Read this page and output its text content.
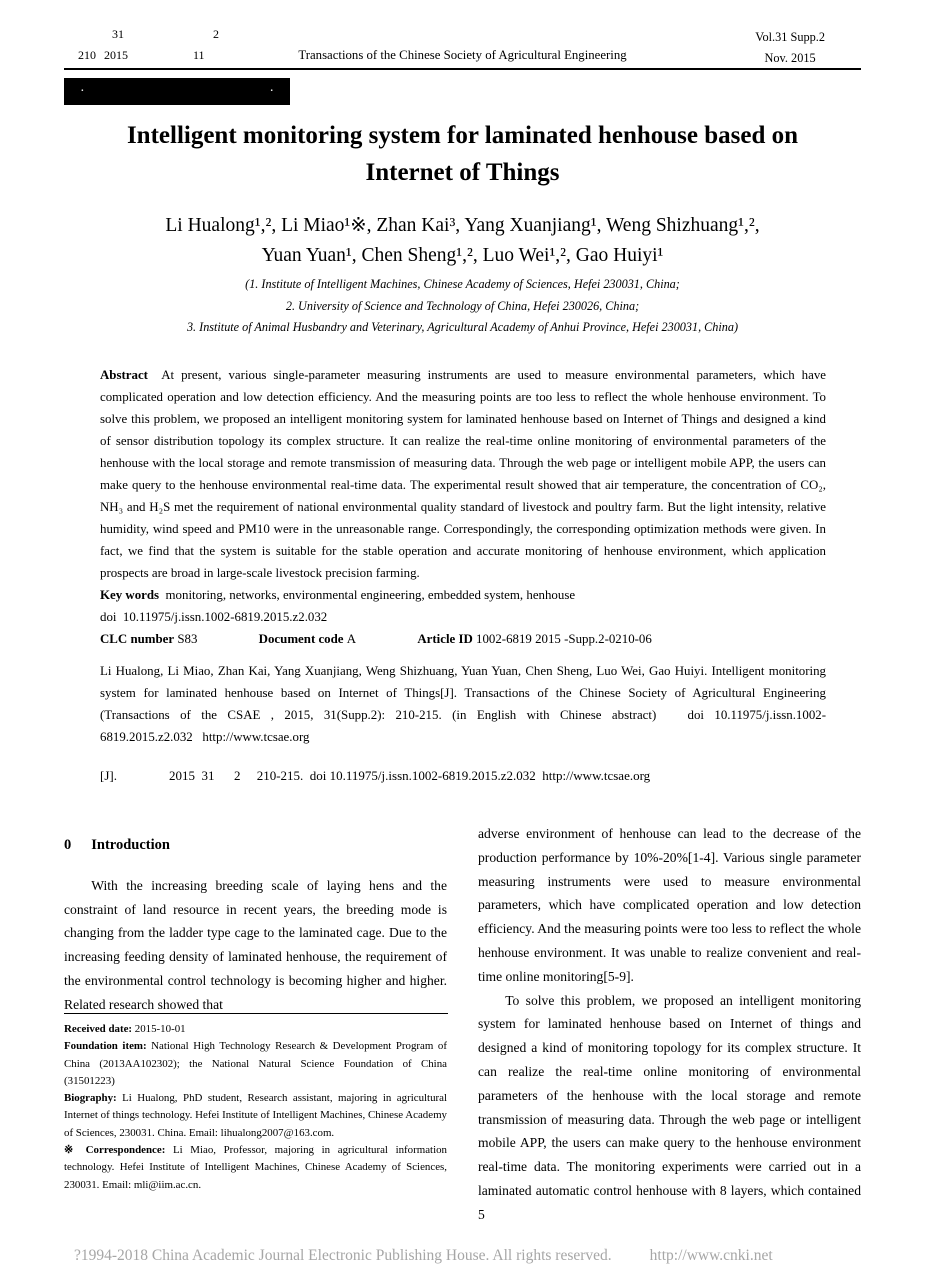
31	2
210 2015	11	Transactions of the Chinese Society of Agricultural Engineering
Vol.31 Supp.2
Nov. 2015
·	·
Intelligent monitoring system for laminated henhouse based on
Internet of Things
Li Hualong¹,², Li Miao¹※, Zhan Kai³, Yang Xuanjiang¹, Weng Shizhuang¹,²,
Yuan Yuan¹, Chen Sheng¹,², Luo Wei¹,², Gao Huiyi¹
(1. Institute of Intelligent Machines, Chinese Academy of Sciences, Hefei 230031, China;
2. University of Science and Technology of China, Hefei 230026, China;
3. Institute of Animal Husbandry and Veterinary, Agricultural Academy of Anhui Province, Hefei 230031, China)

Abstract  At present, various single-parameter measuring instruments are used to measure environmental parameters, which have complicated operation and low detection efficiency. And the measuring points are too less to reflect the whole henhouse environment. To solve this problem, we proposed an intelligent monitoring system for laminated henhouse based on Internet of Things and designed a kind of sensor distribution topology its complex structure. It can realize the real-time online monitoring of environmental parameters of the henhouse with the local storage and remote transmission of measuring data. Through the web page or intelligent mobile APP, the users can make query to the henhouse environmental real-time data. The experimental result showed that air temperature, the concentration of CO₂, NH₃ and H₂S met the requirement of national environmental quality standard of livestock and poultry farm. But the light intensity, relative humidity, wind speed and PM10 were in the unreasonable range. Correspondingly, the corresponding optimization methods were given. In fact, we find that the system is suitable for the stable operation and accurate monitoring of henhouse environment, which application prospects are broad in large-scale livestock precision farming.

Key words  monitoring, networks, environmental engineering, embedded system, henhouse

doi  10.11975/j.issn.1002-6819.2015.z2.032

CLC number S83	Document code A	Article ID 1002-6819 2015 -Supp.2-0210-06

Li Hualong, Li Miao, Zhan Kai, Yang Xuanjiang, Weng Shizhuang, Yuan Yuan, Chen Sheng, Luo Wei, Gao Huiyi. Intelligent monitoring system for laminated henhouse based on Internet of Things[J]. Transactions of the Chinese Society of Agricultural Engineering (Transactions of the CSAE , 2015, 31(Supp.2): 210-215. (in English with Chinese abstract)   doi 10.11975/j.issn.1002-6819.2015.z2.032   http://www.tcsae.org

[J].                2015  31      2     210-215.  doi 10.11975/j.issn.1002-6819.2015.z2.032  http://www.tcsae.org
0 Introduction

With the increasing breeding scale of laying hens and the constraint of land resource in recent years, the breeding mode is changing from the ladder type cage to the laminated cage. Due to the increasing feeding density of laminated henhouse, the requirement of the environmental control technology is becoming higher and higher. Related research showed that

Received date: 2015-10-01

Foundation item: National High Technology Research & Development Program of China (2013AA102302); the National Natural Science Foundation of China (31501223)

Biography: Li Hualong, PhD student, Research assistant, majoring in agricultural Internet of things technology. Hefei Institute of Intelligent Machines, Chinese Academy of Sciences, 230031. China. Email: lihualong2007@163.com.

※ Correspondence: Li Miao, Professor, majoring in agricultural information technology. Hefei Institute of Intelligent Machines, Chinese Academy of Sciences, 230031. Email: mli@iim.ac.cn.

adverse environment of henhouse can lead to the decrease of the production performance by 10%-20%[1-4]. Various single parameter measuring instruments were used to measure environmental parameters, which have complicated operation and low detection efficiency. And the measuring points were too less to reflect the whole henhouse environment. It was unable to realize convenient and real-time online monitoring[5-9].

To solve this problem, we proposed an intelligent monitoring system for laminated henhouse based on Internet of things and designed a kind of monitoring topology for its complex structure. It can realize the real-time online monitoring of environmental parameters of the henhouse with the local storage and remote transmission of measuring data. Through the web page or intelligent mobile APP, the users can make query to the henhouse environment real-time data. The monitoring experiments were carried out in a laminated automatic control henhouse with 8 layers, which contained 5

?1994-2018 China Academic Journal Electronic Publishing House. All rights reserved. http://www.cnki.net
